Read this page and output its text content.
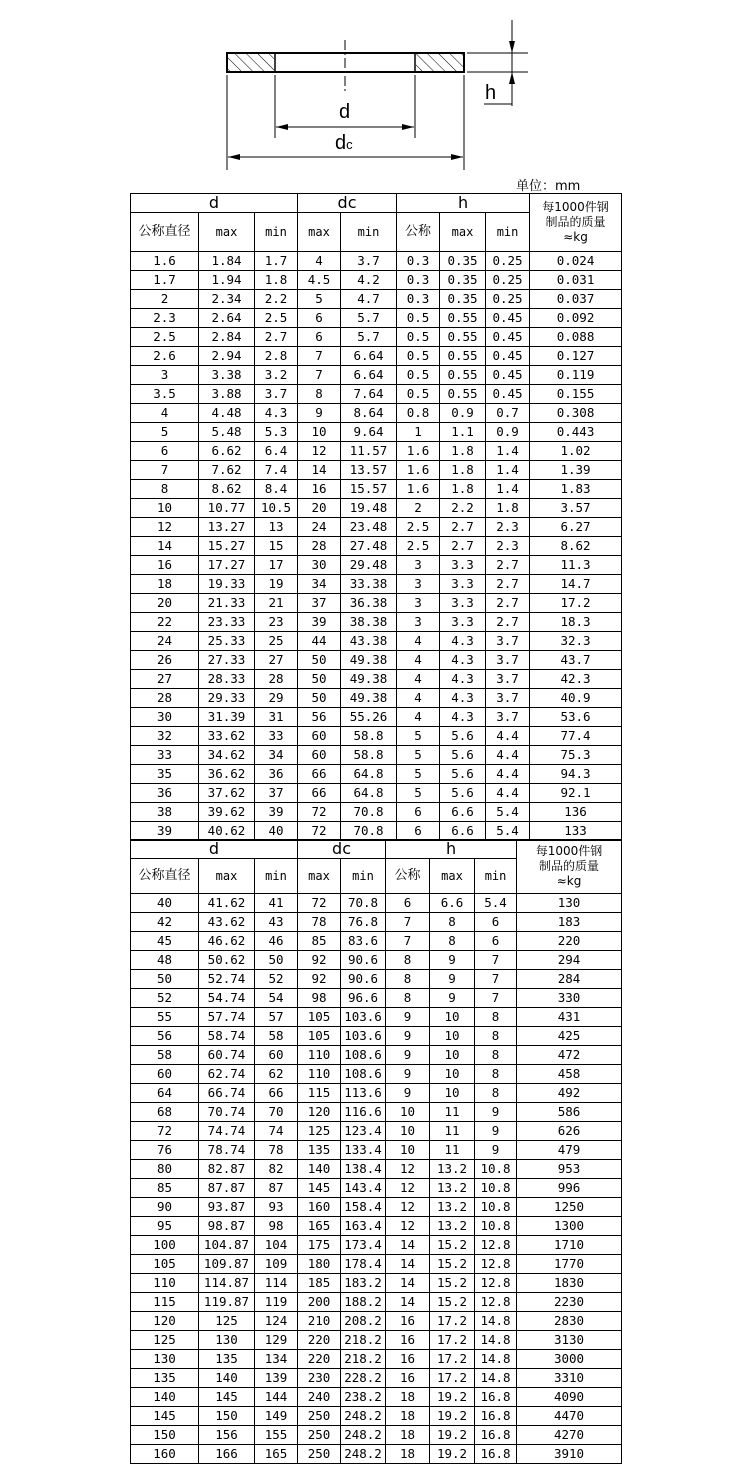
d
dc
h
单位：mm
d			dc		h			每1000件钢
制品的质量
≈kg
公称直径	max	min	max	min	公称	max	min	
1.6	1.84	1.7	4	3.7	0.3	0.35	0.25	0.024
1.7	1.94	1.8	4.5	4.2	0.3	0.35	0.25	0.031
2	2.34	2.2	5	4.7	0.3	0.35	0.25	0.037
2.3	2.64	2.5	6	5.7	0.5	0.55	0.45	0.092
2.5	2.84	2.7	6	5.7	0.5	0.55	0.45	0.088
2.6	2.94	2.8	7	6.64	0.5	0.55	0.45	0.127
3	3.38	3.2	7	6.64	0.5	0.55	0.45	0.119
3.5	3.88	3.7	8	7.64	0.5	0.55	0.45	0.155
4	4.48	4.3	9	8.64	0.8	0.9	0.7	0.308
5	5.48	5.3	10	9.64	1	1.1	0.9	0.443
6	6.62	6.4	12	11.57	1.6	1.8	1.4	1.02
7	7.62	7.4	14	13.57	1.6	1.8	1.4	1.39
8	8.62	8.4	16	15.57	1.6	1.8	1.4	1.83
10	10.77	10.5	20	19.48	2	2.2	1.8	3.57
12	13.27	13	24	23.48	2.5	2.7	2.3	6.27
14	15.27	15	28	27.48	2.5	2.7	2.3	8.62
16	17.27	17	30	29.48	3	3.3	2.7	11.3
18	19.33	19	34	33.38	3	3.3	2.7	14.7
20	21.33	21	37	36.38	3	3.3	2.7	17.2
22	23.33	23	39	38.38	3	3.3	2.7	18.3
24	25.33	25	44	43.38	4	4.3	3.7	32.3
26	27.33	27	50	49.38	4	4.3	3.7	43.7
27	28.33	28	50	49.38	4	4.3	3.7	42.3
28	29.33	29	50	49.38	4	4.3	3.7	40.9
30	31.39	31	56	55.26	4	4.3	3.7	53.6
32	33.62	33	60	58.8	5	5.6	4.4	77.4
33	34.62	34	60	58.8	5	5.6	4.4	75.3
35	36.62	36	66	64.8	5	5.6	4.4	94.3
36	37.62	37	66	64.8	5	5.6	4.4	92.1
38	39.62	39	72	70.8	6	6.6	5.4	136
39	40.62	40	72	70.8	6	6.6	5.4	133
d			dc		h			每1000件钢
制品的质量
≈kg
公称直径	max	min	max	min	公称	max	min	
40	41.62	41	72	70.8	6	6.6	5.4	130
42	43.62	43	78	76.8	7	8	6	183
45	46.62	46	85	83.6	7	8	6	220
48	50.62	50	92	90.6	8	9	7	294
50	52.74	52	92	90.6	8	9	7	284
52	54.74	54	98	96.6	8	9	7	330
55	57.74	57	105	103.6	9	10	8	431
56	58.74	58	105	103.6	9	10	8	425
58	60.74	60	110	108.6	9	10	8	472
60	62.74	62	110	108.6	9	10	8	458
64	66.74	66	115	113.6	9	10	8	492
68	70.74	70	120	116.6	10	11	9	586
72	74.74	74	125	123.4	10	11	9	626
76	78.74	78	135	133.4	10	11	9	479
80	82.87	82	140	138.4	12	13.2	10.8	953
85	87.87	87	145	143.4	12	13.2	10.8	996
90	93.87	93	160	158.4	12	13.2	10.8	1250
95	98.87	98	165	163.4	12	13.2	10.8	1300
100	104.87	104	175	173.4	14	15.2	12.8	1710
105	109.87	109	180	178.4	14	15.2	12.8	1770
110	114.87	114	185	183.2	14	15.2	12.8	1830
115	119.87	119	200	188.2	14	15.2	12.8	2230
120	125	124	210	208.2	16	17.2	14.8	2830
125	130	129	220	218.2	16	17.2	14.8	3130
130	135	134	220	218.2	16	17.2	14.8	3000
135	140	139	230	228.2	16	17.2	14.8	3310
140	145	144	240	238.2	18	19.2	16.8	4090
145	150	149	250	248.2	18	19.2	16.8	4470
150	156	155	250	248.2	18	19.2	16.8	4270
160	166	165	250	248.2	18	19.2	16.8	3910
